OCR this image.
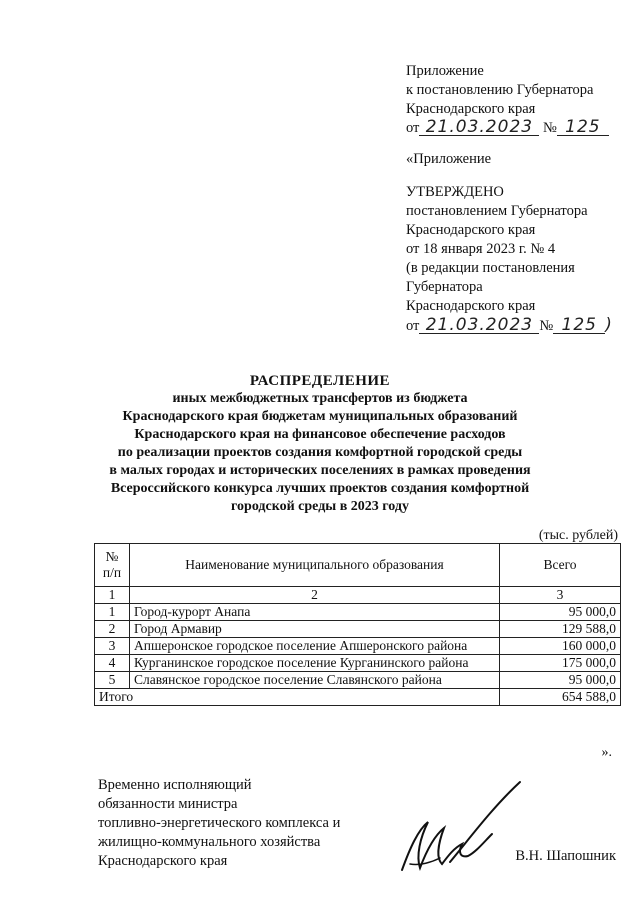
Приложение
к постановлению Губернатора
Краснодарского края
от 21.03.2023 № 125
«Приложение
УТВЕРЖДЕНО
постановлением Губернатора
Краснодарского края
от 18 января 2023 г. № 4
(в редакции постановления
Губернатора
Краснодарского края
от 21.03.2023 № 125 )
РАСПРЕДЕЛЕНИЕ
иных межбюджетных трансфертов из бюджета
Краснодарского края бюджетам муниципальных образований
Краснодарского края на финансовое обеспечение расходов
по реализации проектов создания комфортной городской среды
в малых городах и исторических поселениях в рамках проведения
Всероссийского конкурса лучших проектов создания комфортной
городской среды в 2023 году
(тыс. рублей)
№ п/п	Наименование муниципального образования	Всего
1	2	3
1	Город-курорт Анапа	95 000,0
2	Город Армавир	129 588,0
3	Апшеронское городское поселение Апшеронского района	160 000,0
4	Курганинское городское поселение Курганинского района	175 000,0
5	Славянское городское поселение Славянского района	95 000,0
Итого		654 588,0
».
Временно исполняющий
обязанности министра
топливно-энергетического комплекса и
жилищно-коммунального хозяйства
Краснодарского края	В.Н. Шапошник
